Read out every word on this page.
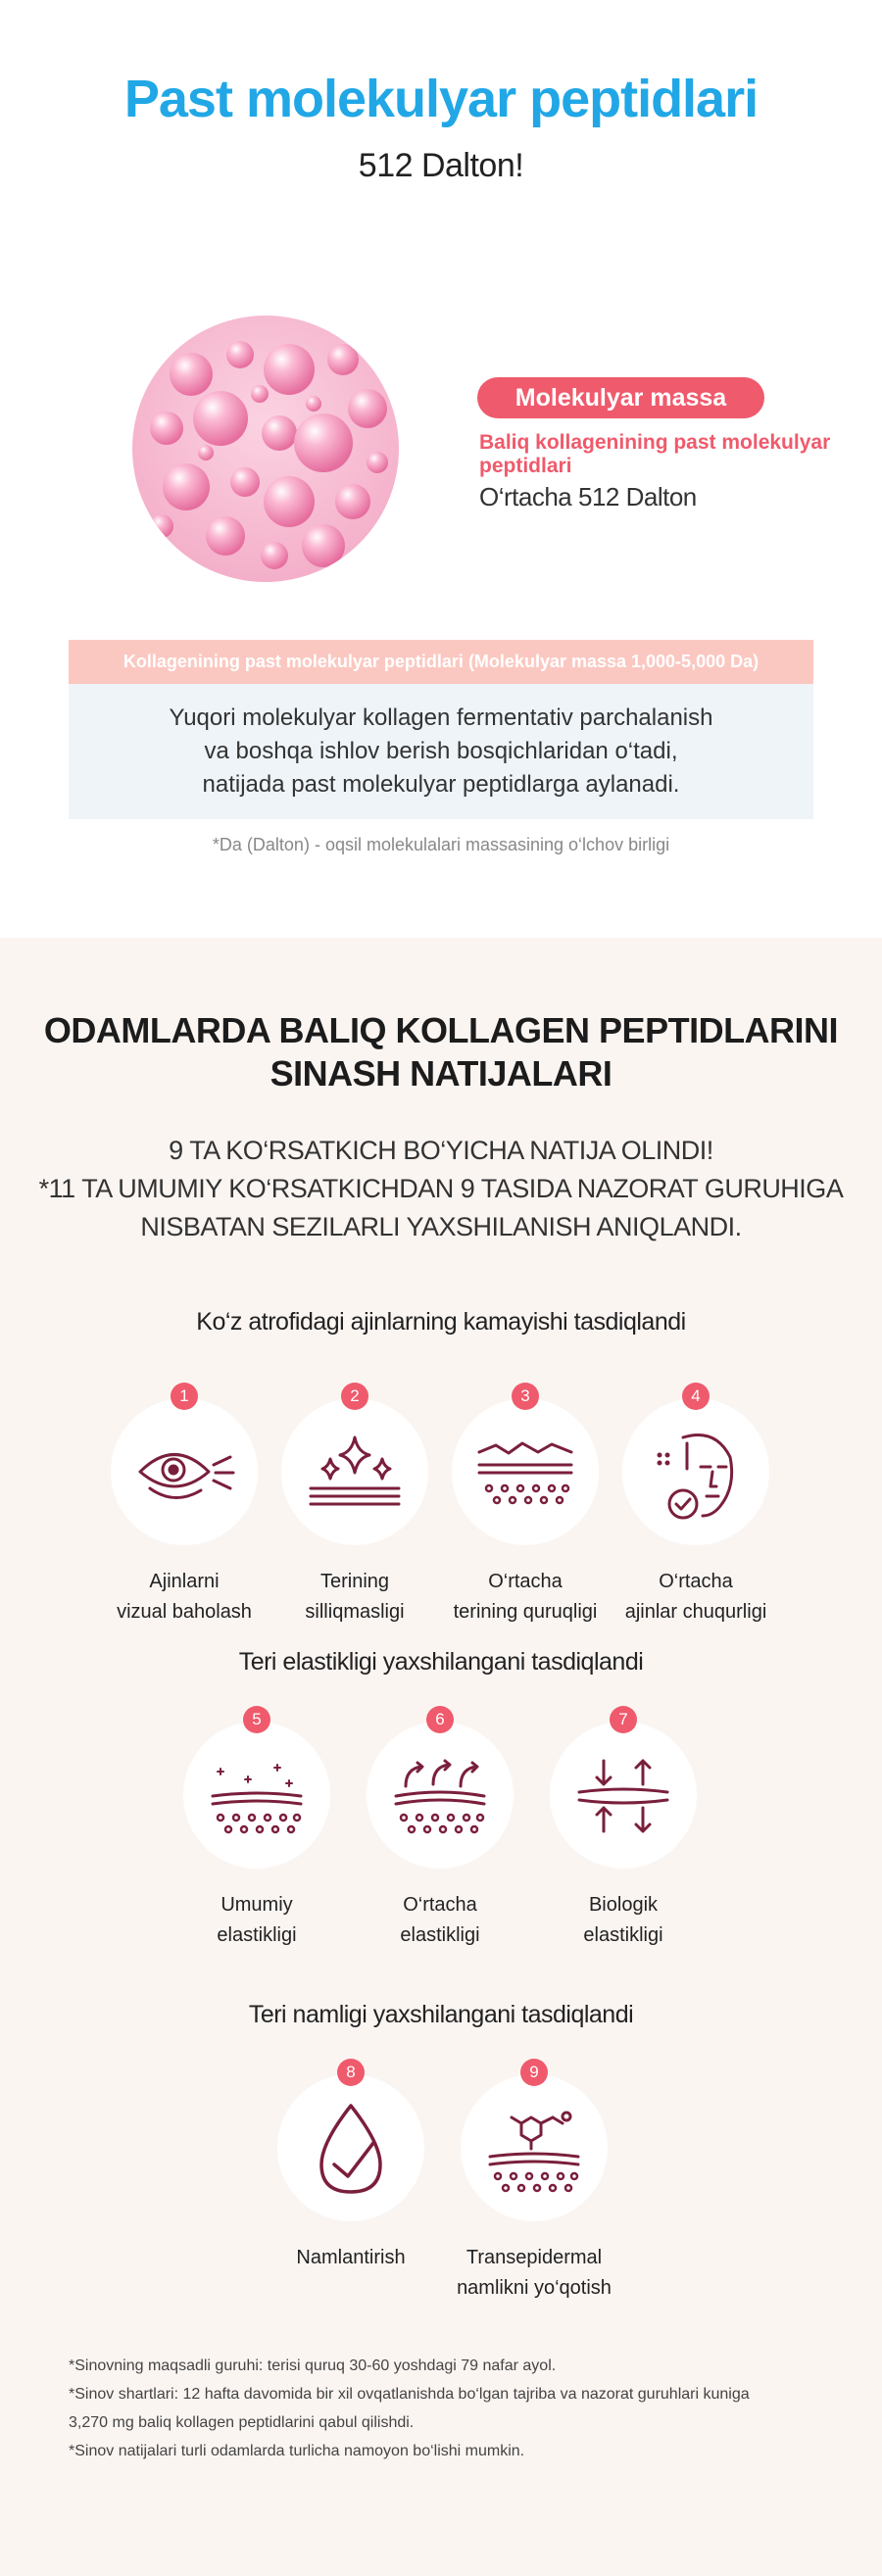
Past molekulyar peptidlari
512 Dalton!
Molekulyar massa
Baliq kollagenining past molekulyar peptidlari
O‘rtacha 512 Dalton
Kollagenining past molekulyar peptidlari (Molekulyar massa 1,000-5,000 Da)
Yuqori molekulyar kollagen fermentativ parchalanish
va boshqa ishlov berish bosqichlaridan o‘tadi,
natijada past molekulyar peptidlarga aylanadi.
*Da (Dalton) - oqsil molekulalari massasining o‘lchov birligi
ODAMLARDA BALIQ KOLLAGEN PEPTIDLARINI
SINASH NATIJALARI
9 TA KO‘RSATKICH BO‘YICHA NATIJA OLINDI!
*11 TA UMUMIY KO‘RSATKICHDAN 9 TASIDA NAZORAT GURUHIGA
NISBATAN SEZILARLI YAXSHILANISH ANIQLANDI.
Ko‘z atrofidagi ajinlarning kamayishi tasdiqlandi
1
Ajinlarni
vizual baholash
2
Terining
silliqmasligi
3
O‘rtacha
terining quruqligi
4
O‘rtacha
ajinlar chuqurligi
Teri elastikligi yaxshilangani tasdiqlandi
5
Umumiy
elastikligi
6
O‘rtacha
elastikligi
7
Biologik
elastikligi
Teri namligi yaxshilangani tasdiqlandi
8
Namlantirish
9
Transepidermal
namlikni yo‘qotish
*Sinovning maqsadli guruhi: terisi quruq 30-60 yoshdagi 79 nafar ayol.
*Sinov shartlari: 12 hafta davomida bir xil ovqatlanishda bo‘lgan tajriba va nazorat guruhlari kuniga
3,270 mg baliq kollagen peptidlarini qabul qilishdi.
*Sinov natijalari turli odamlarda turlicha namoyon bo‘lishi mumkin.
